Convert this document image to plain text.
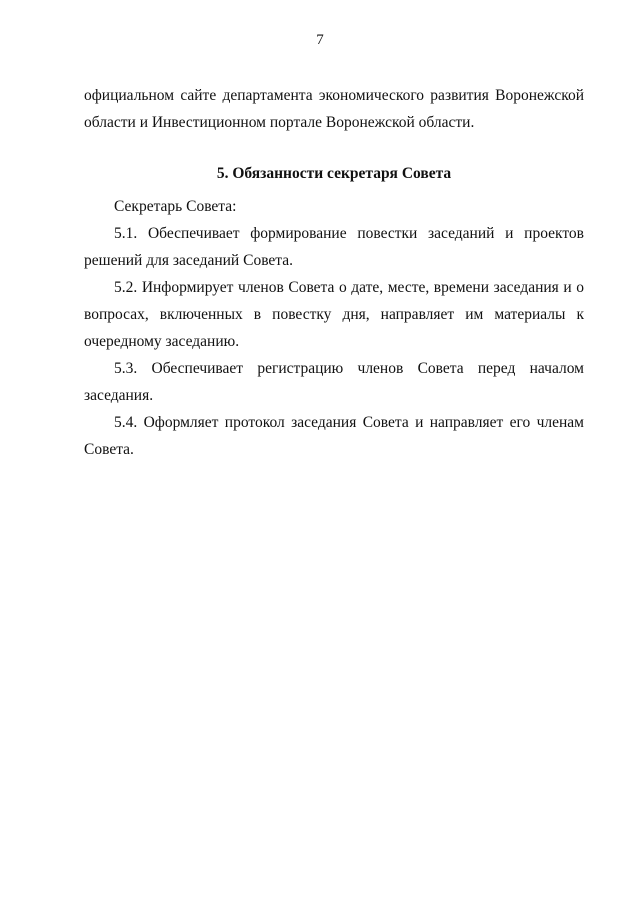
7

официальном сайте департамента экономического развития Воронежской области и Инвестиционном портале Воронежской области.

5. Обязанности секретаря Совета

Секретарь Совета:

5.1. Обеспечивает формирование повестки заседаний и проектов решений для заседаний Совета.

5.2. Информирует членов Совета о дате, месте, времени заседания и о вопросах, включенных в повестку дня, направляет им материалы к очередному заседанию.

5.3. Обеспечивает регистрацию членов Совета перед началом заседания.

5.4. Оформляет протокол заседания Совета и направляет его членам Совета.
